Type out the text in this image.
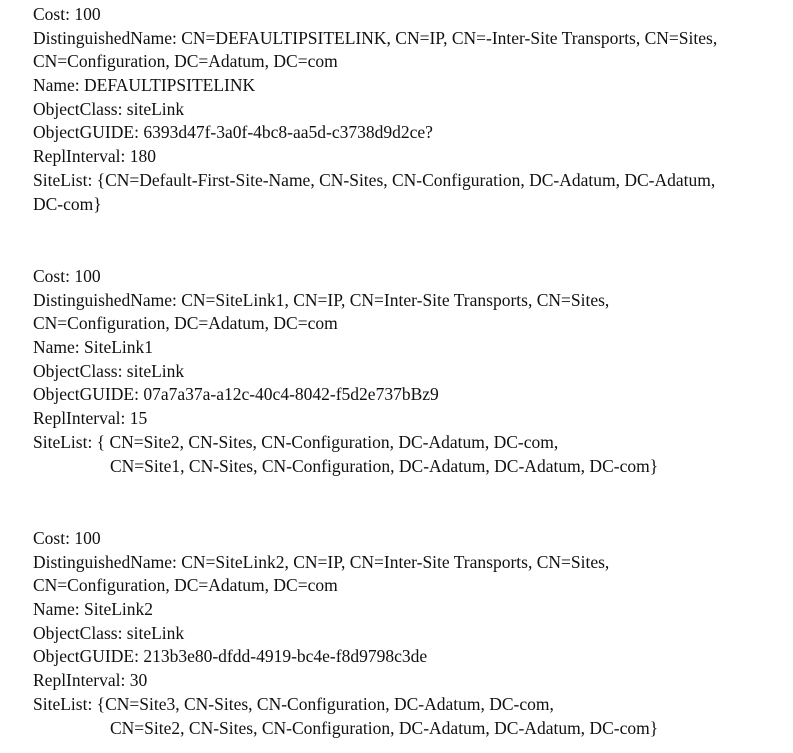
Cost: 100
DistinguishedName: CN=DEFAULTIPSITELINK, CN=IP, CN=-Inter-Site Transports, CN=Sites,
CN=Configuration, DC=Adatum, DC=com
Name: DEFAULTIPSITELINK
ObjectClass: siteLink
ObjectGUIDE: 6393d47f-3a0f-4bc8-aa5d-c3738d9d2ce?
ReplInterval: 180
SiteList: {CN=Default-First-Site-Name, CN-Sites, CN-Configuration, DC-Adatum, DC-Adatum,
DC-com}
Cost: 100
DistinguishedName: CN=SiteLink1, CN=IP, CN=Inter-Site Transports, CN=Sites,
CN=Configuration, DC=Adatum, DC=com
Name: SiteLink1
ObjectClass: siteLink
ObjectGUIDE: 07a7a37a-a12c-40c4-8042-f5d2e737bBz9
ReplInterval: 15
SiteList: { CN=Site2, CN-Sites, CN-Configuration, DC-Adatum, DC-com,
CN=Site1, CN-Sites, CN-Configuration, DC-Adatum, DC-Adatum, DC-com}
Cost: 100
DistinguishedName: CN=SiteLink2, CN=IP, CN=Inter-Site Transports, CN=Sites,
CN=Configuration, DC=Adatum, DC=com
Name: SiteLink2
ObjectClass: siteLink
ObjectGUIDE: 213b3e80-dfdd-4919-bc4e-f8d9798c3de
ReplInterval: 30
SiteList: {CN=Site3, CN-Sites, CN-Configuration, DC-Adatum, DC-com,
CN=Site2, CN-Sites, CN-Configuration, DC-Adatum, DC-Adatum, DC-com}
